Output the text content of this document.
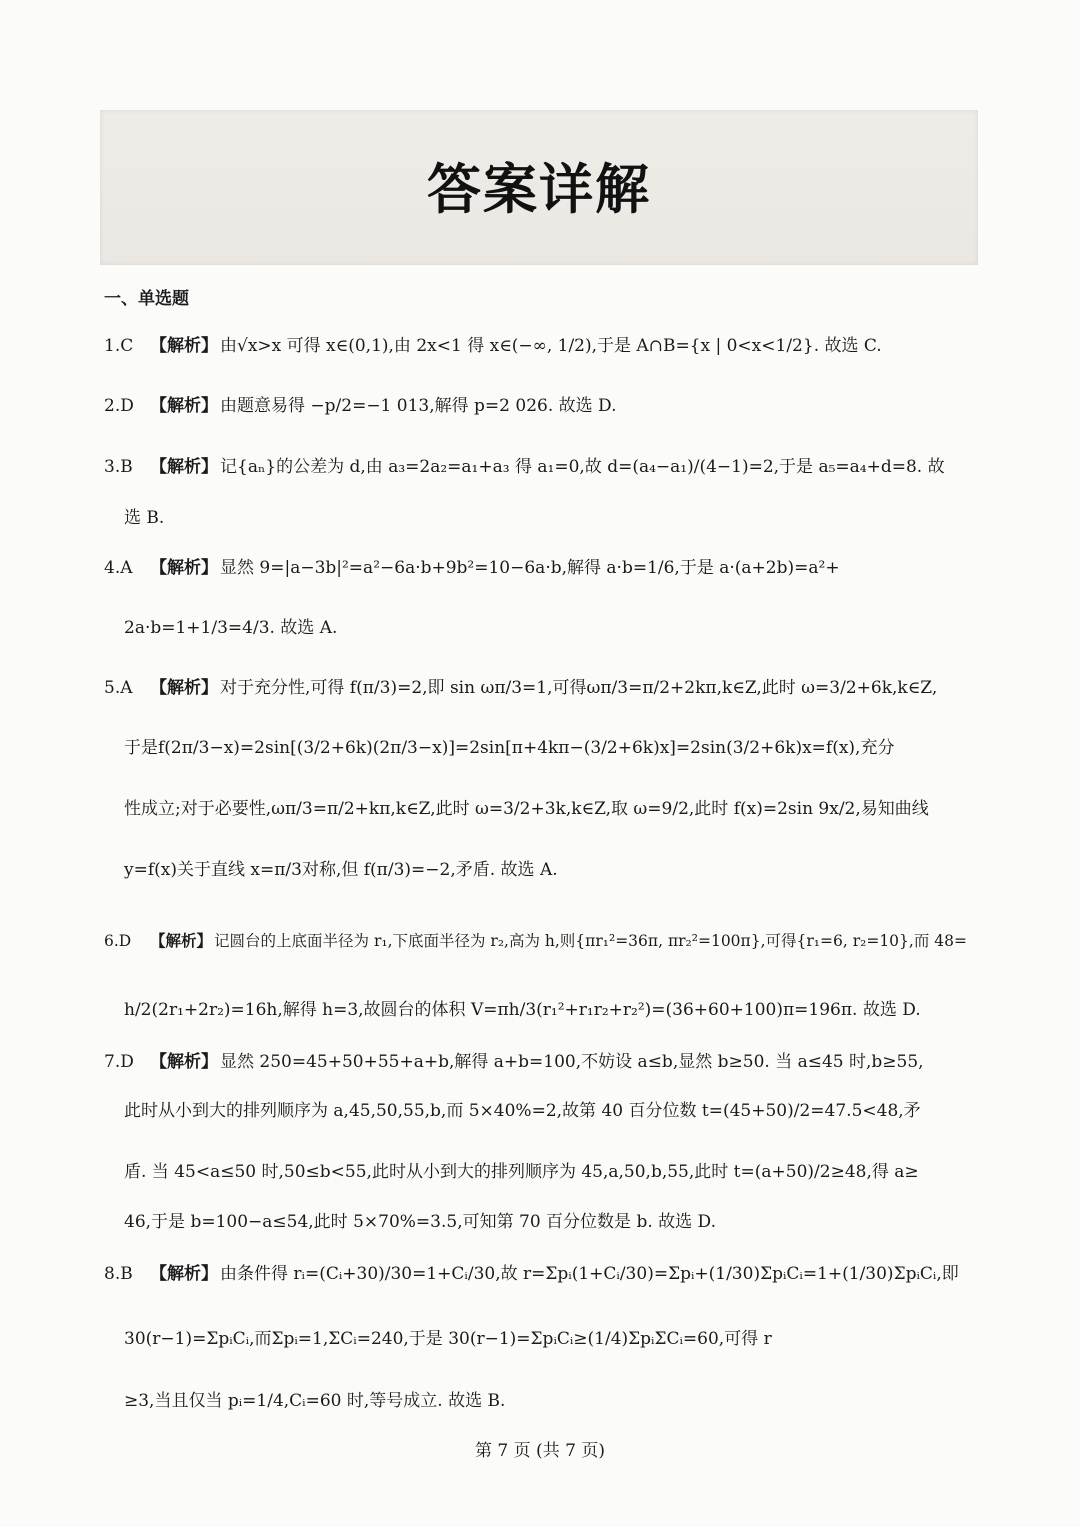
答案详解
一、单选题
1.C 【解析】 由√x>x 可得 x∈(0,1),由 2x<1 得 x∈(−∞, 1/2),于是 A∩B={x | 0<x<1/2}. 故选 C.
2.D 【解析】 由题意易得 −p/2=−1 013,解得 p=2 026. 故选 D.
3.B 【解析】 记{aₙ}的公差为 d,由 a₃=2a₂=a₁+a₃ 得 a₁=0,故 d=(a₄−a₁)/(4−1)=2,于是 a₅=a₄+d=8. 故
选 B.
4.A 【解析】 显然 9=|a−3b|²=a²−6a·b+9b²=10−6a·b,解得 a·b=1/6,于是 a·(a+2b)=a²+
2a·b=1+1/3=4/3. 故选 A.
5.A 【解析】 对于充分性,可得 f(π/3)=2,即 sin ωπ/3=1,可得ωπ/3=π/2+2kπ,k∈Z,此时 ω=3/2+6k,k∈Z,
于是f(2π/3−x)=2sin[(3/2+6k)(2π/3−x)]=2sin[π+4kπ−(3/2+6k)x]=2sin(3/2+6k)x=f(x),充分
性成立;对于必要性,ωπ/3=π/2+kπ,k∈Z,此时 ω=3/2+3k,k∈Z,取 ω=9/2,此时 f(x)=2sin 9x/2,易知曲线
y=f(x)关于直线 x=π/3对称,但 f(π/3)=−2,矛盾. 故选 A.
6.D 【解析】 记圆台的上底面半径为 r₁,下底面半径为 r₂,高为 h,则{πr₁²=36π, πr₂²=100π},可得{r₁=6, r₂=10},而 48=
h/2(2r₁+2r₂)=16h,解得 h=3,故圆台的体积 V=πh/3(r₁²+r₁r₂+r₂²)=(36+60+100)π=196π. 故选 D.
7.D 【解析】 显然 250=45+50+55+a+b,解得 a+b=100,不妨设 a≤b,显然 b≥50. 当 a≤45 时,b≥55,
此时从小到大的排列顺序为 a,45,50,55,b,而 5×40%=2,故第 40 百分位数 t=(45+50)/2=47.5<48,矛
盾. 当 45<a≤50 时,50≤b<55,此时从小到大的排列顺序为 45,a,50,b,55,此时 t=(a+50)/2≥48,得 a≥
46,于是 b=100−a≤54,此时 5×70%=3.5,可知第 70 百分位数是 b. 故选 D.
8.B 【解析】 由条件得 rᵢ=(Cᵢ+30)/30=1+Cᵢ/30,故 r=Σpᵢ(1+Cᵢ/30)=Σpᵢ+(1/30)ΣpᵢCᵢ=1+(1/30)ΣpᵢCᵢ,即
30(r−1)=ΣpᵢCᵢ,而Σpᵢ=1,ΣCᵢ=240,于是 30(r−1)=ΣpᵢCᵢ≥(1/4)ΣpᵢΣCᵢ=60,可得 r
≥3,当且仅当 pᵢ=1/4,Cᵢ=60 时,等号成立. 故选 B.
第 7 页 (共 7 页)
